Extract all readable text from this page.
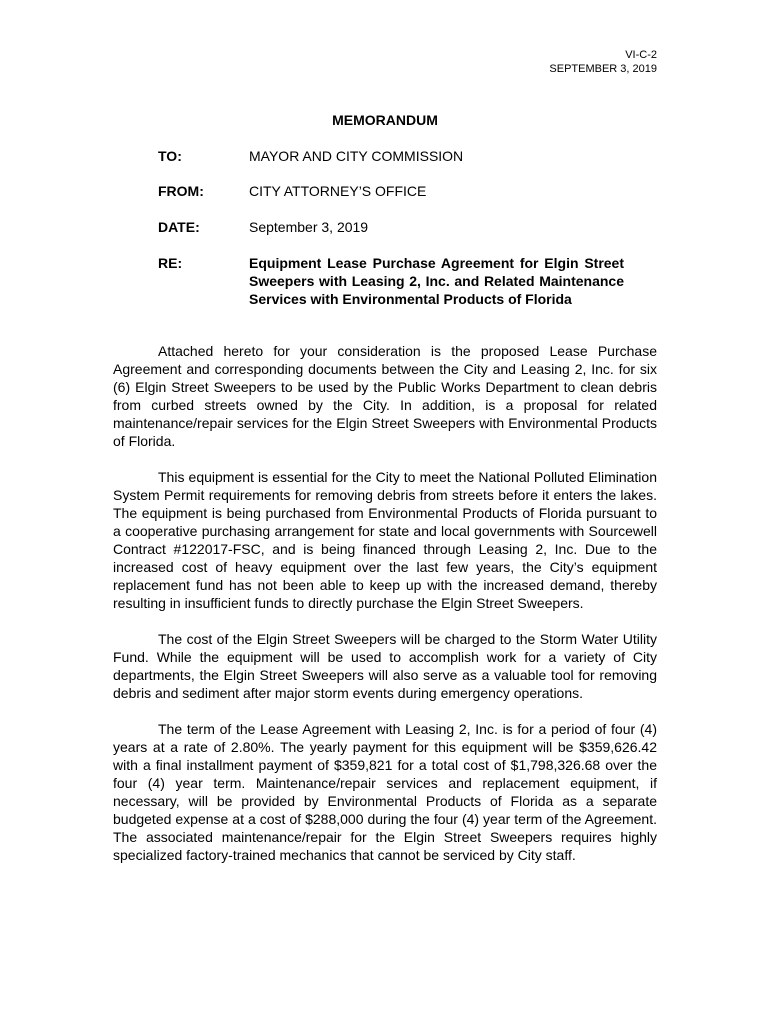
VI-C-2
SEPTEMBER 3, 2019
MEMORANDUM
TO:	MAYOR AND CITY COMMISSION
FROM:	CITY ATTORNEY’S OFFICE
DATE:	September 3, 2019
RE:	Equipment Lease Purchase Agreement for Elgin Street Sweepers with Leasing 2, Inc. and Related Maintenance Services with Environmental Products of Florida

Attached hereto for your consideration is the proposed Lease Purchase Agreement and corresponding documents between the City and Leasing 2, Inc. for six (6) Elgin Street Sweepers to be used by the Public Works Department to clean debris from curbed streets owned by the City. In addition, is a proposal for related maintenance/repair services for the Elgin Street Sweepers with Environmental Products of Florida.

This equipment is essential for the City to meet the National Polluted Elimination System Permit requirements for removing debris from streets before it enters the lakes. The equipment is being purchased from Environmental Products of Florida pursuant to a cooperative purchasing arrangement for state and local governments with Sourcewell Contract #122017-FSC, and is being financed through Leasing 2, Inc. Due to the increased cost of heavy equipment over the last few years, the City’s equipment replacement fund has not been able to keep up with the increased demand, thereby resulting in insufficient funds to directly purchase the Elgin Street Sweepers.

The cost of the Elgin Street Sweepers will be charged to the Storm Water Utility Fund. While the equipment will be used to accomplish work for a variety of City departments, the Elgin Street Sweepers will also serve as a valuable tool for removing debris and sediment after major storm events during emergency operations.

The term of the Lease Agreement with Leasing 2, Inc. is for a period of four (4) years at a rate of 2.80%. The yearly payment for this equipment will be $359,626.42 with a final installment payment of $359,821 for a total cost of $1,798,326.68 over the four (4) year term. Maintenance/repair services and replacement equipment, if necessary, will be provided by Environmental Products of Florida as a separate budgeted expense at a cost of $288,000 during the four (4) year term of the Agreement. The associated maintenance/repair for the Elgin Street Sweepers requires highly specialized factory-trained mechanics that cannot be serviced by City staff.
